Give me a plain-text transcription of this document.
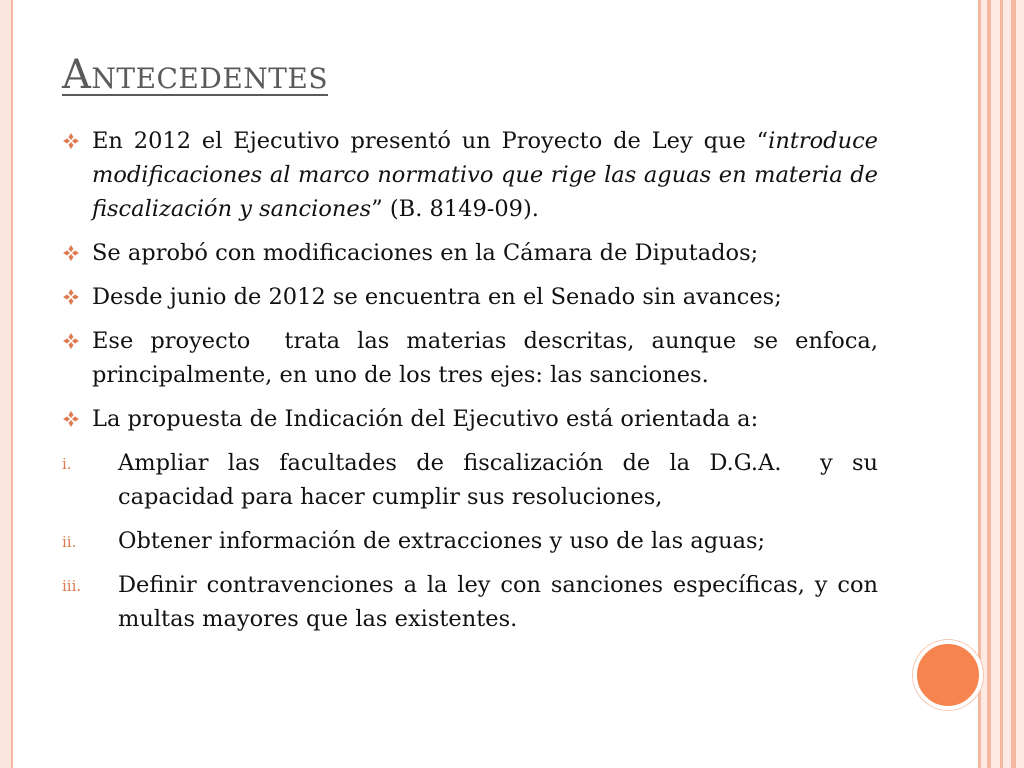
Antecedentes
En 2012 el Ejecutivo presentó un Proyecto de Ley que “introduce modificaciones al marco normativo que rige las aguas en materia de fiscalización y sanciones” (B. 8149-09).
Se aprobó con modificaciones en la Cámara de Diputados;
Desde junio de 2012 se encuentra en el Senado sin avances;
Ese proyecto  trata las materias descritas, aunque se enfoca, principalmente, en uno de los tres ejes: las sanciones.
La propuesta de Indicación del Ejecutivo está orientada a:
i. Ampliar las facultades de fiscalización de la D.G.A.  y su capacidad para hacer cumplir sus resoluciones,
ii. Obtener información de extracciones y uso de las aguas;
iii. Definir contravenciones a la ley con sanciones específicas, y con multas mayores que las existentes.
